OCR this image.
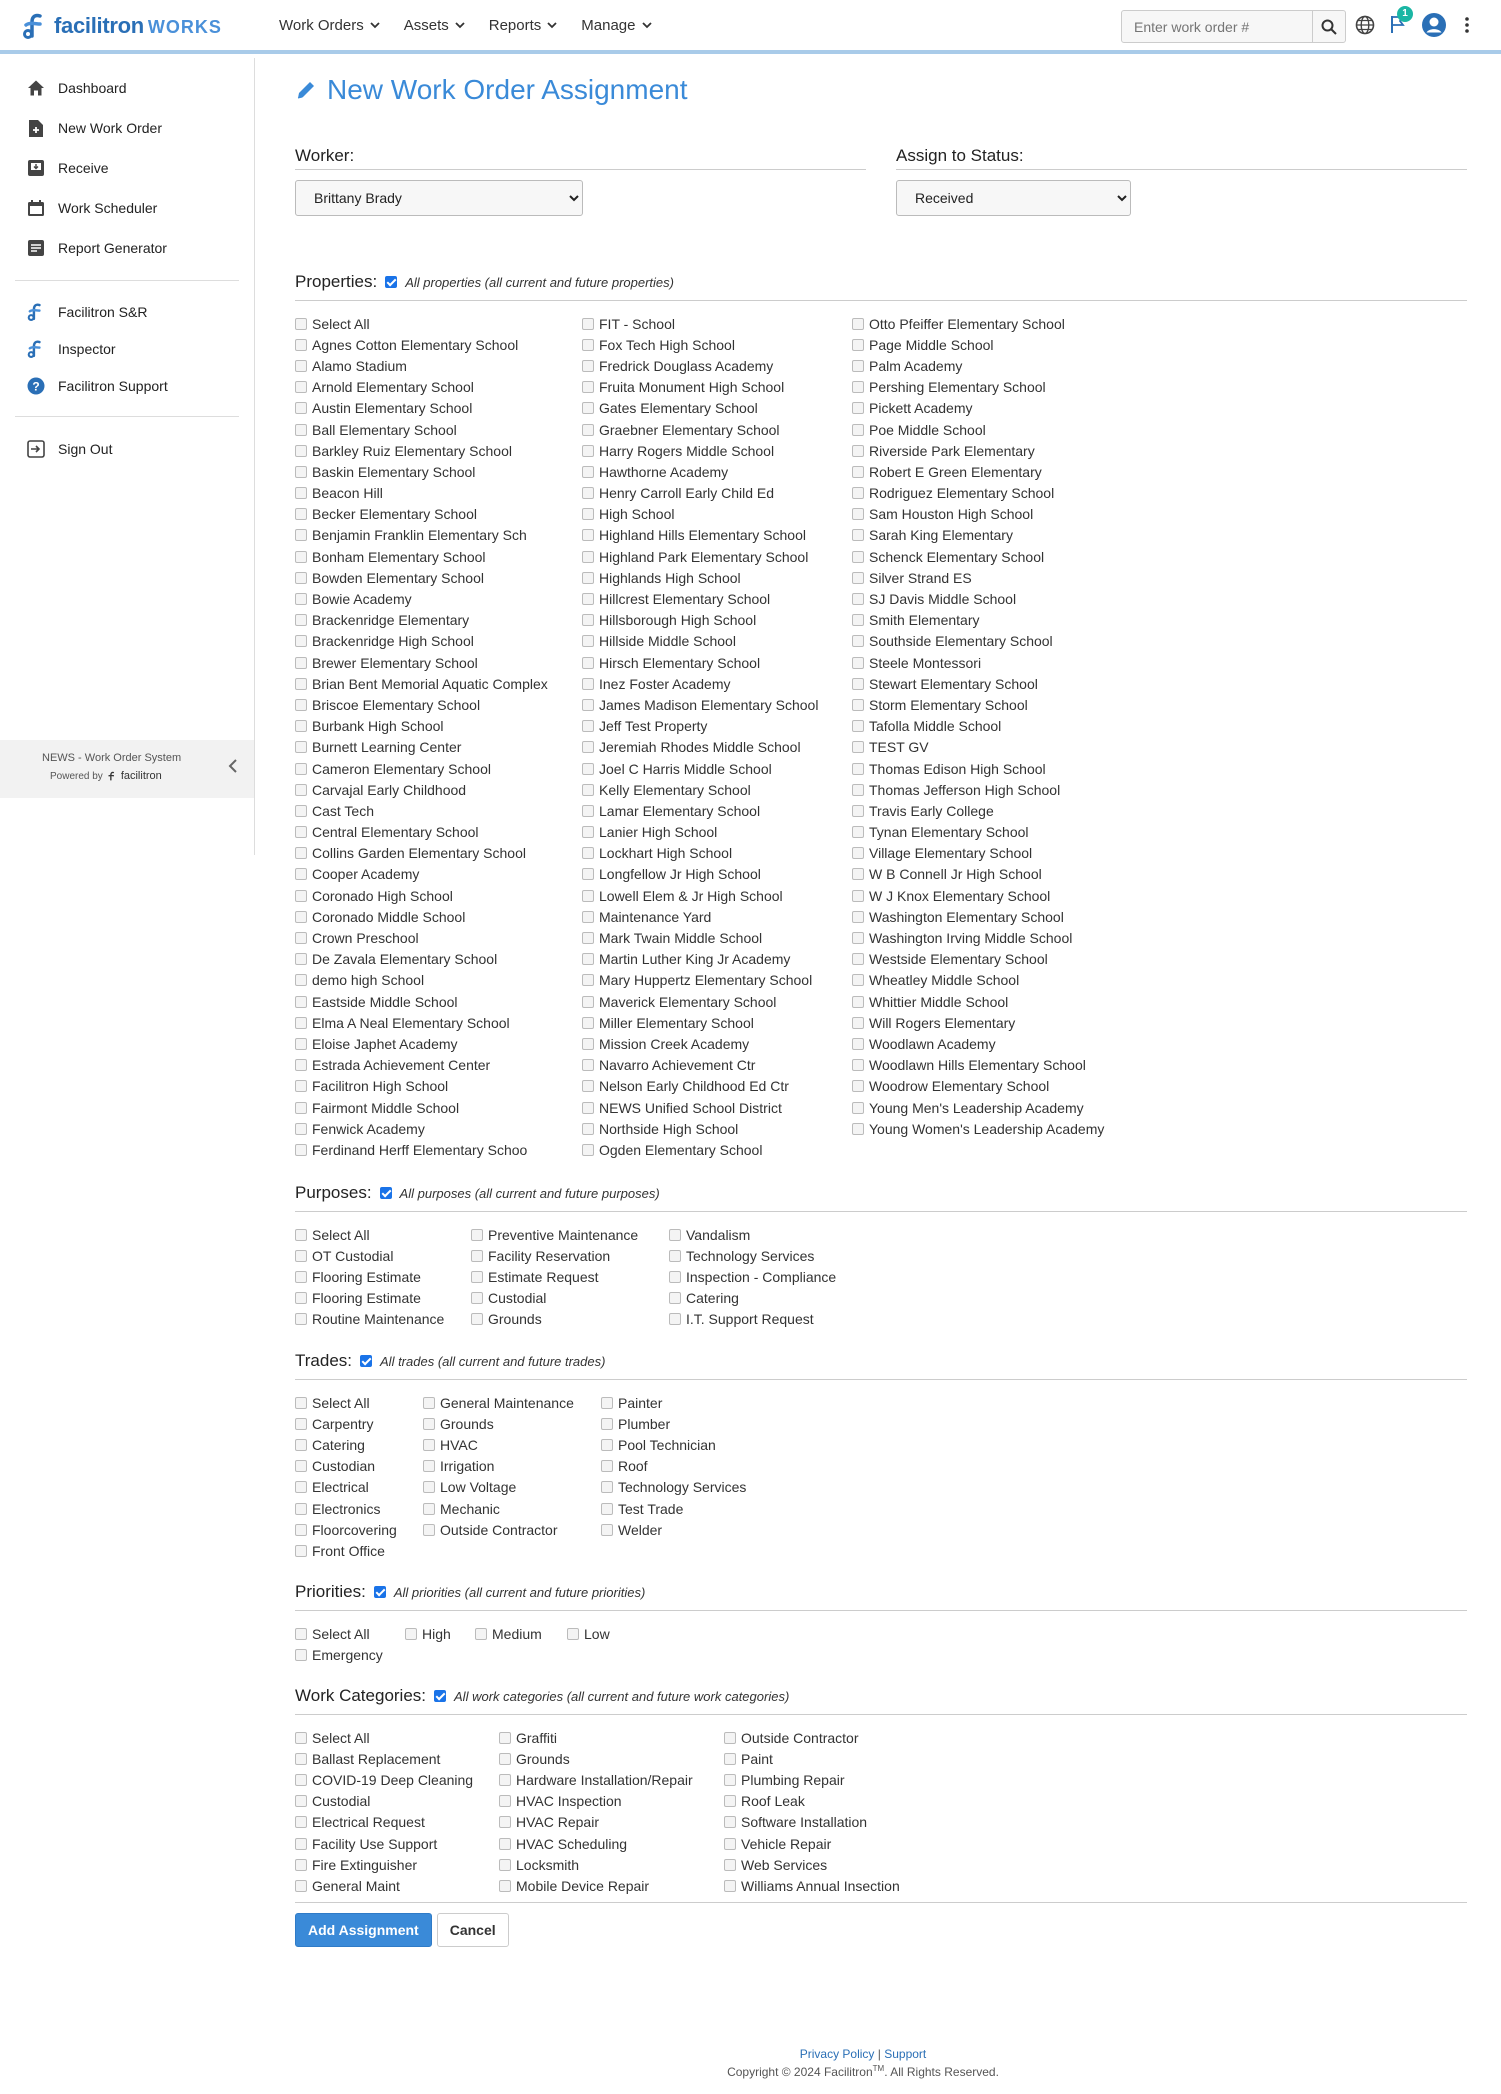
facilitron WORKS	Work Orders	Assets	Reports	Manage
Enter work order #
1
Dashboard
New Work Order
Receive
Work Scheduler
Report Generator
Facilitron S&R
Inspector
? Facilitron Support
Sign Out
NEWS - Work Order System
Powered by facilitron
New Work Order Assignment
Worker:
Brittany Brady	Assign to Status:
Received
Properties: All properties (all current and future properties)
Select All
Agnes Cotton Elementary School
Alamo Stadium
Arnold Elementary School
Austin Elementary School
Ball Elementary School
Barkley Ruiz Elementary School
Baskin Elementary School
Beacon Hill
Becker Elementary School
Benjamin Franklin Elementary Sch
Bonham Elementary School
Bowden Elementary School
Bowie Academy
Brackenridge Elementary
Brackenridge High School
Brewer Elementary School
Brian Bent Memorial Aquatic Complex
Briscoe Elementary School
Burbank High School
Burnett Learning Center
Cameron Elementary School
Carvajal Early Childhood
Cast Tech
Central Elementary School
Collins Garden Elementary School
Cooper Academy
Coronado High School
Coronado Middle School
Crown Preschool
De Zavala Elementary School
demo high School
Eastside Middle School
Elma A Neal Elementary School
Eloise Japhet Academy
Estrada Achievement Center
Facilitron High School
Fairmont Middle School
Fenwick Academy
Ferdinand Herff Elementary Schoo
FIT - School
Fox Tech High School
Fredrick Douglass Academy
Fruita Monument High School
Gates Elementary School
Graebner Elementary School
Harry Rogers Middle School
Hawthorne Academy
Henry Carroll Early Child Ed
High School
Highland Hills Elementary School
Highland Park Elementary School
Highlands High School
Hillcrest Elementary School
Hillsborough High School
Hillside Middle School
Hirsch Elementary School
Inez Foster Academy
James Madison Elementary School
Jeff Test Property
Jeremiah Rhodes Middle School
Joel C Harris Middle School
Kelly Elementary School
Lamar Elementary School
Lanier High School
Lockhart High School
Longfellow Jr High School
Lowell Elem & Jr High School
Maintenance Yard
Mark Twain Middle School
Martin Luther King Jr Academy
Mary Huppertz Elementary School
Maverick Elementary School
Miller Elementary School
Mission Creek Academy
Navarro Achievement Ctr
Nelson Early Childhood Ed Ctr
NEWS Unified School District
Northside High School
Ogden Elementary School
Otto Pfeiffer Elementary School
Page Middle School
Palm Academy
Pershing Elementary School
Pickett Academy
Poe Middle School
Riverside Park Elementary
Robert E Green Elementary
Rodriguez Elementary School
Sam Houston High School
Sarah King Elementary
Schenck Elementary School
Silver Strand ES
SJ Davis Middle School
Smith Elementary
Southside Elementary School
Steele Montessori
Stewart Elementary School
Storm Elementary School
Tafolla Middle School
TEST GV
Thomas Edison High School
Thomas Jefferson High School
Travis Early College
Tynan Elementary School
Village Elementary School
W B Connell Jr High School
W J Knox Elementary School
Washington Elementary School
Washington Irving Middle School
Westside Elementary School
Wheatley Middle School
Whittier Middle School
Will Rogers Elementary
Woodlawn Academy
Woodlawn Hills Elementary School
Woodrow Elementary School
Young Men's Leadership Academy
Young Women's Leadership Academy
Purposes: All purposes (all current and future purposes)
Select All
OT Custodial
Flooring Estimate
Flooring Estimate
Routine Maintenance
Preventive Maintenance
Facility Reservation
Estimate Request
Custodial
Grounds
Vandalism
Technology Services
Inspection - Compliance
Catering
I.T. Support Request
Trades: All trades (all current and future trades)
Select All
Carpentry
Catering
Custodian
Electrical
Electronics
Floorcovering
Front Office
General Maintenance
Grounds
HVAC
Irrigation
Low Voltage
Mechanic
Outside Contractor
Painter
Plumber
Pool Technician
Roof
Technology Services
Test Trade
Welder
Priorities: All priorities (all current and future priorities)
Select All
Emergency
High	Medium	Low
Work Categories: All work categories (all current and future work categories)
Select All
Ballast Replacement
COVID-19 Deep Cleaning
Custodial
Electrical Request
Facility Use Support
Fire Extinguisher
General Maint
Graffiti
Grounds
Hardware Installation/Repair
HVAC Inspection
HVAC Repair
HVAC Scheduling
Locksmith
Mobile Device Repair
Outside Contractor
Paint
Plumbing Repair
Roof Leak
Software Installation
Vehicle Repair
Web Services
Williams Annual Insection
Add Assignment	Cancel
Privacy Policy | Support
Copyright © 2024 Facilitron™. All Rights Reserved.
